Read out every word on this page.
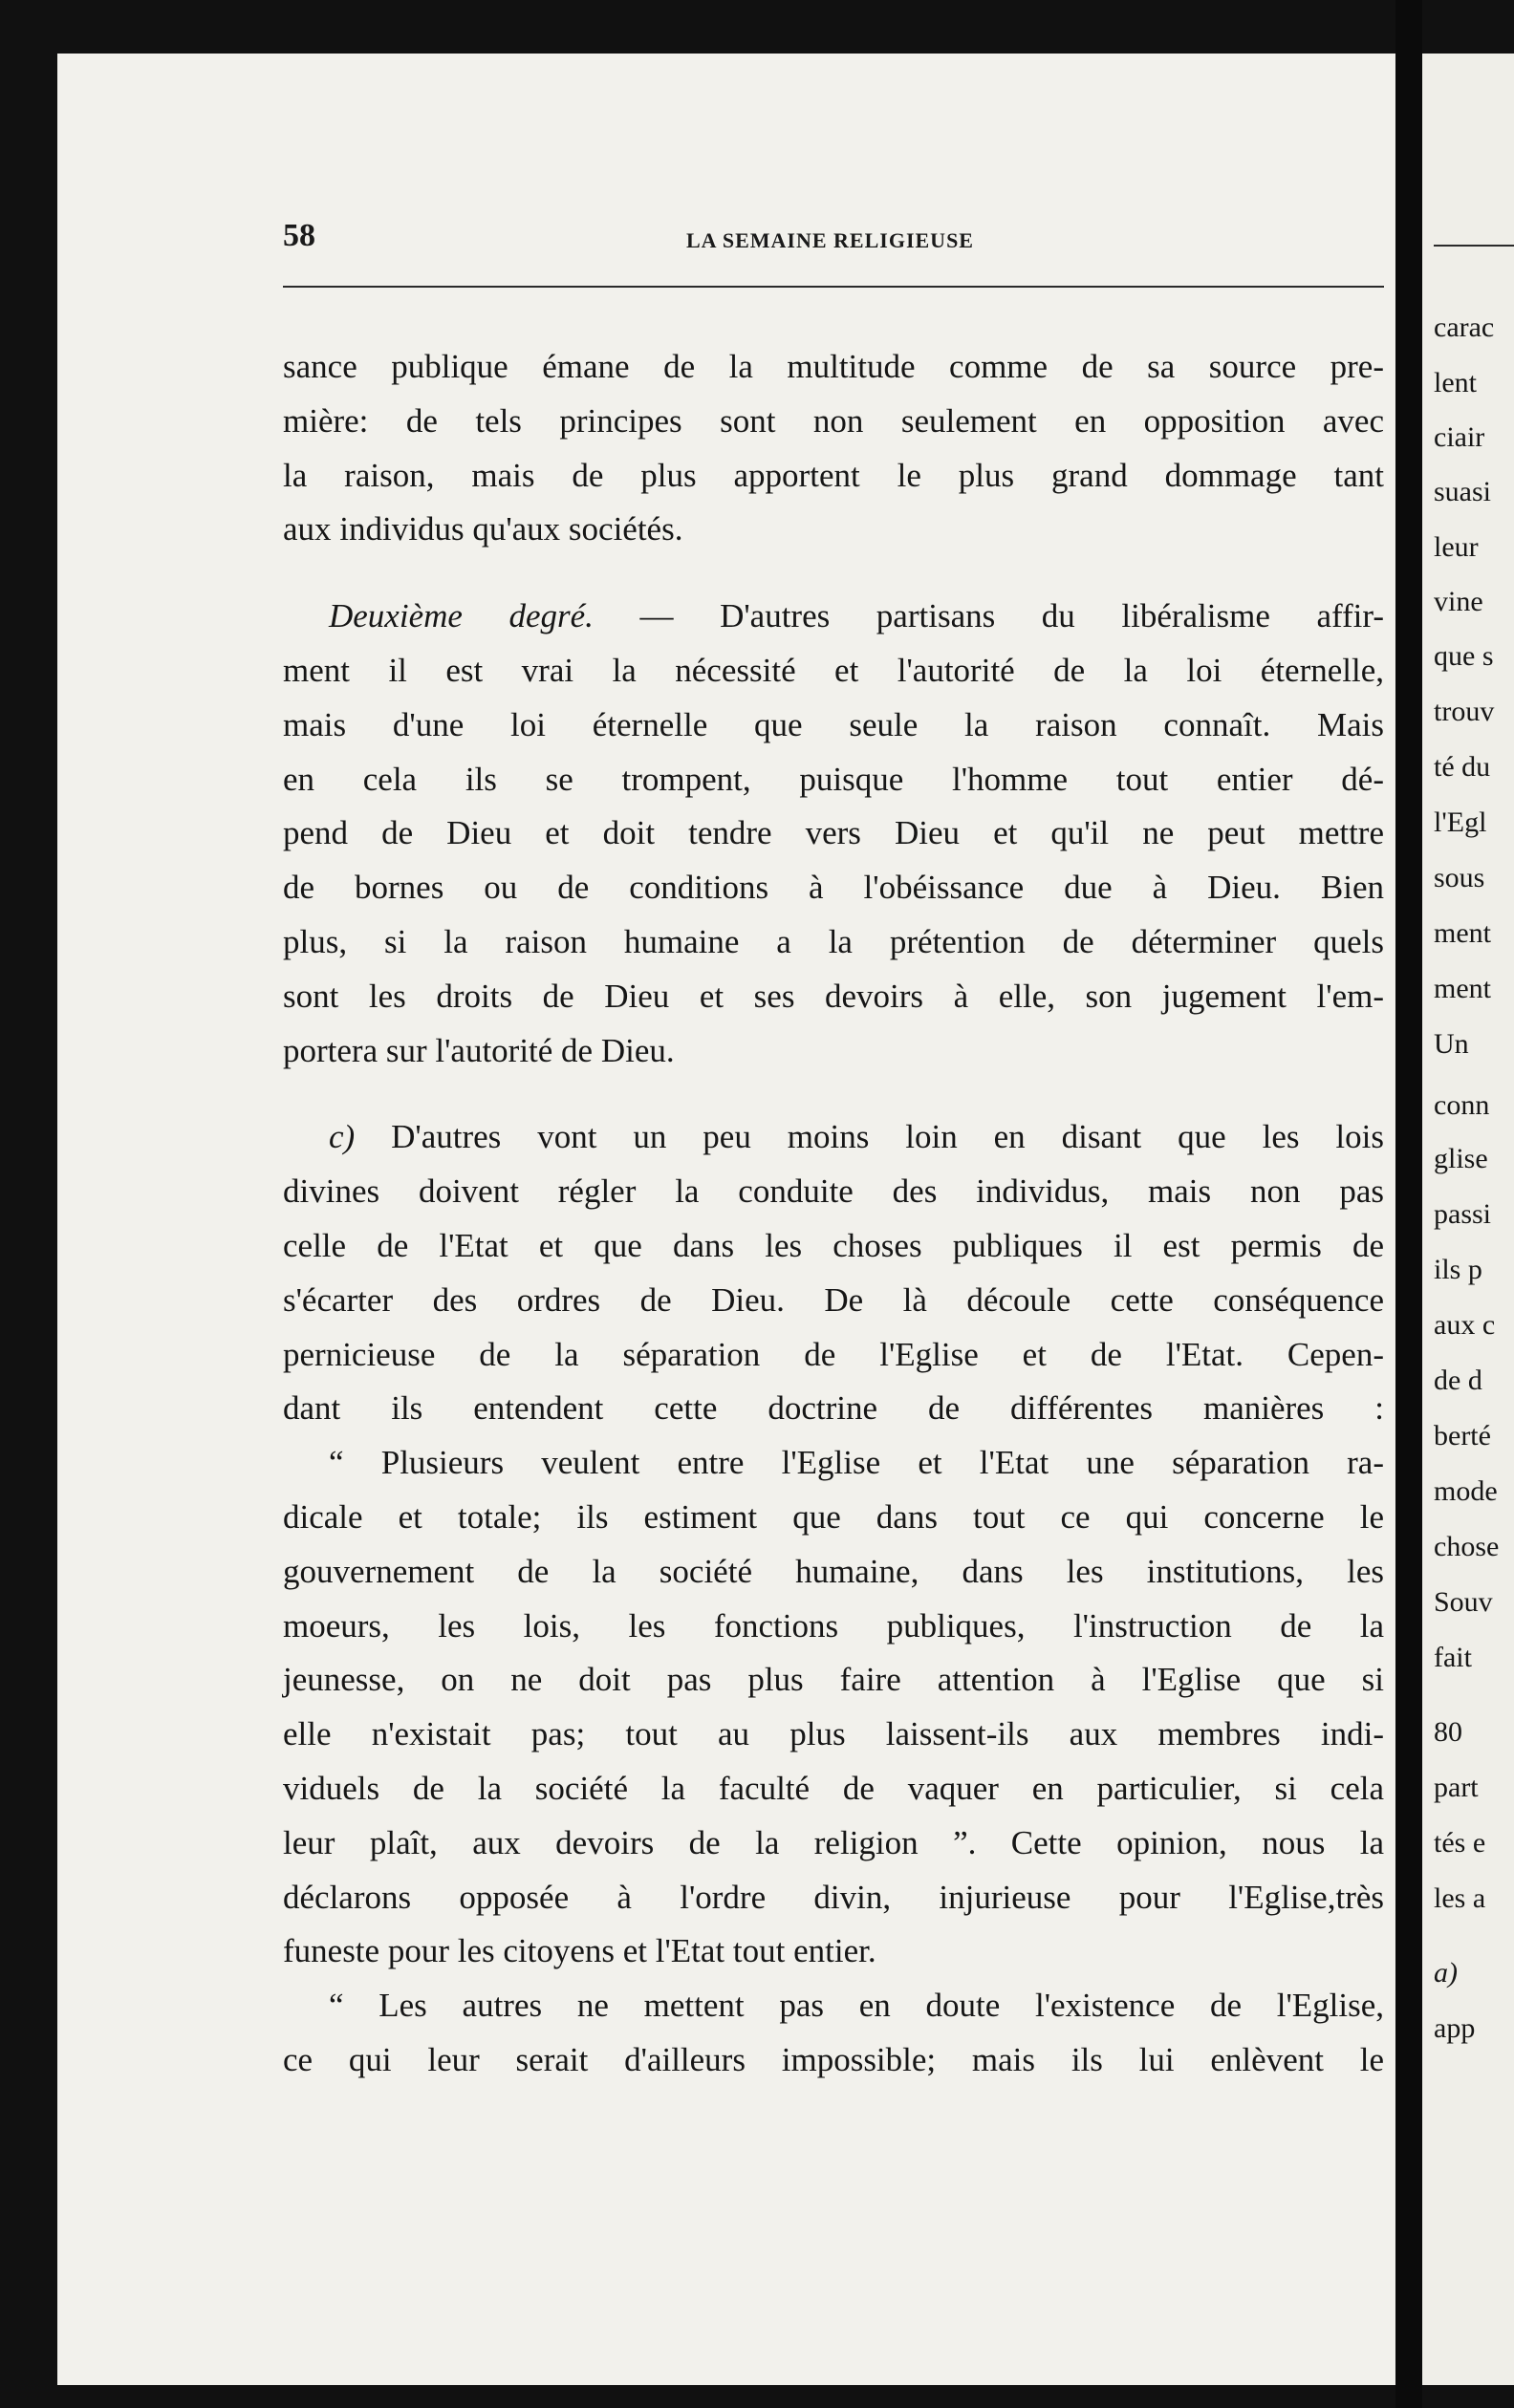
58	LA SEMAINE RELIGIEUSE
sance publique émane de la multitude comme de sa source pre-
mière: de tels principes sont non seulement en opposition avec
la raison, mais de plus apportent le plus grand dommage tant
aux individus qu'aux sociétés.
Deuxième degré. — D'autres partisans du libéralisme affir-
ment il est vrai la nécessité et l'autorité de la loi éternelle,
mais d'une loi éternelle que seule la raison connaît. Mais
en cela ils se trompent, puisque l'homme tout entier dé-
pend de Dieu et doit tendre vers Dieu et qu'il ne peut mettre
de bornes ou de conditions à l'obéissance due à Dieu. Bien
plus, si la raison humaine a la prétention de déterminer quels
sont les droits de Dieu et ses devoirs à elle, son jugement l'em-
portera sur l'autorité de Dieu.
c) D'autres vont un peu moins loin en disant que les lois
divines doivent régler la conduite des individus, mais non pas
celle de l'Etat et que dans les choses publiques il est permis de
s'écarter des ordres de Dieu. De là découle cette conséquence
pernicieuse de la séparation de l'Eglise et de l'Etat. Cepen-
dant ils entendent cette doctrine de différentes manières :
“ Plusieurs veulent entre l'Eglise et l'Etat une séparation ra-
dicale et totale; ils estiment que dans tout ce qui concerne le
gouvernement de la société humaine, dans les institutions, les
moeurs, les lois, les fonctions publiques, l'instruction de la
jeunesse, on ne doit pas plus faire attention à l'Eglise que si
elle n'existait pas; tout au plus laissent-ils aux membres indi-
viduels de la société la faculté de vaquer en particulier, si cela
leur plaît, aux devoirs de la religion ”. Cette opinion, nous la
déclarons opposée à l'ordre divin, injurieuse pour l'Eglise,très
funeste pour les citoyens et l'Etat tout entier.
“ Les autres ne mettent pas en doute l'existence de l'Eglise,
ce qui leur serait d'ailleurs impossible; mais ils lui enlèvent le
carac
lent
ciair
suasi
leur
vine
que s
trouv
té du
l'Egl
sous
ment
ment
Un
conn
glise
passi
ils p
aux c
de d
berté
mode
chose
Souv
fait
80
part
tés e
les a
a)
app
